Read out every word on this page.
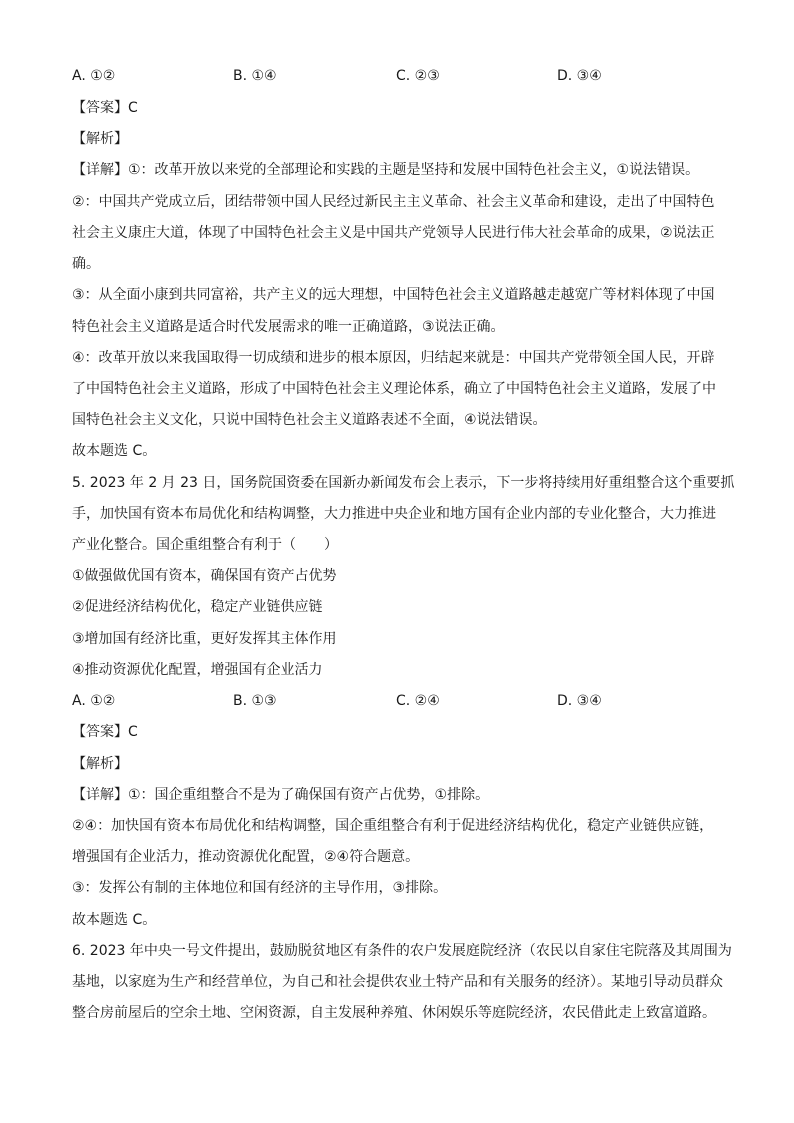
A. ①②	B. ①④	C. ②③	D. ③④
【答案】C
【解析】
【详解】①：改革开放以来党的全部理论和实践的主题是坚持和发展中国特色社会主义，①说法错误。
②：中国共产党成立后，团结带领中国人民经过新民主主义革命、社会主义革命和建设，走出了中国特色
社会主义康庄大道，体现了中国特色社会主义是中国共产党领导人民进行伟大社会革命的成果，②说法正
确。
③：从全面小康到共同富裕，共产主义的远大理想，中国特色社会主义道路越走越宽广等材料体现了中国
特色社会主义道路是适合时代发展需求的唯一正确道路，③说法正确。
④：改革开放以来我国取得一切成绩和进步的根本原因，归结起来就是：中国共产党带领全国人民，开辟
了中国特色社会主义道路，形成了中国特色社会主义理论体系，确立了中国特色社会主义道路，发展了中
国特色社会主义文化，只说中国特色社会主义道路表述不全面，④说法错误。
故本题选 C。
5. 2023 年 2 月 23 日，国务院国资委在国新办新闻发布会上表示，下一步将持续用好重组整合这个重要抓
手，加快国有资本布局优化和结构调整，大力推进中央企业和地方国有企业内部的专业化整合，大力推进
产业化整合。国企重组整合有利于（　　）
①做强做优国有资本，确保国有资产占优势
②促进经济结构优化，稳定产业链供应链
③增加国有经济比重，更好发挥其主体作用
④推动资源优化配置，增强国有企业活力
A. ①②	B. ①③	C. ②④	D. ③④
【答案】C
【解析】
【详解】①：国企重组整合不是为了确保国有资产占优势，①排除。
②④：加快国有资本布局优化和结构调整，国企重组整合有利于促进经济结构优化，稳定产业链供应链，
增强国有企业活力，推动资源优化配置，②④符合题意。
③：发挥公有制的主体地位和国有经济的主导作用，③排除。
故本题选 C。
6. 2023 年中央一号文件提出，鼓励脱贫地区有条件的农户发展庭院经济（农民以自家住宅院落及其周围为
基地，以家庭为生产和经营单位，为自己和社会提供农业土特产品和有关服务的经济）。某地引导动员群众
整合房前屋后的空余土地、空闲资源，自主发展种养殖、休闲娱乐等庭院经济，农民借此走上致富道路。
